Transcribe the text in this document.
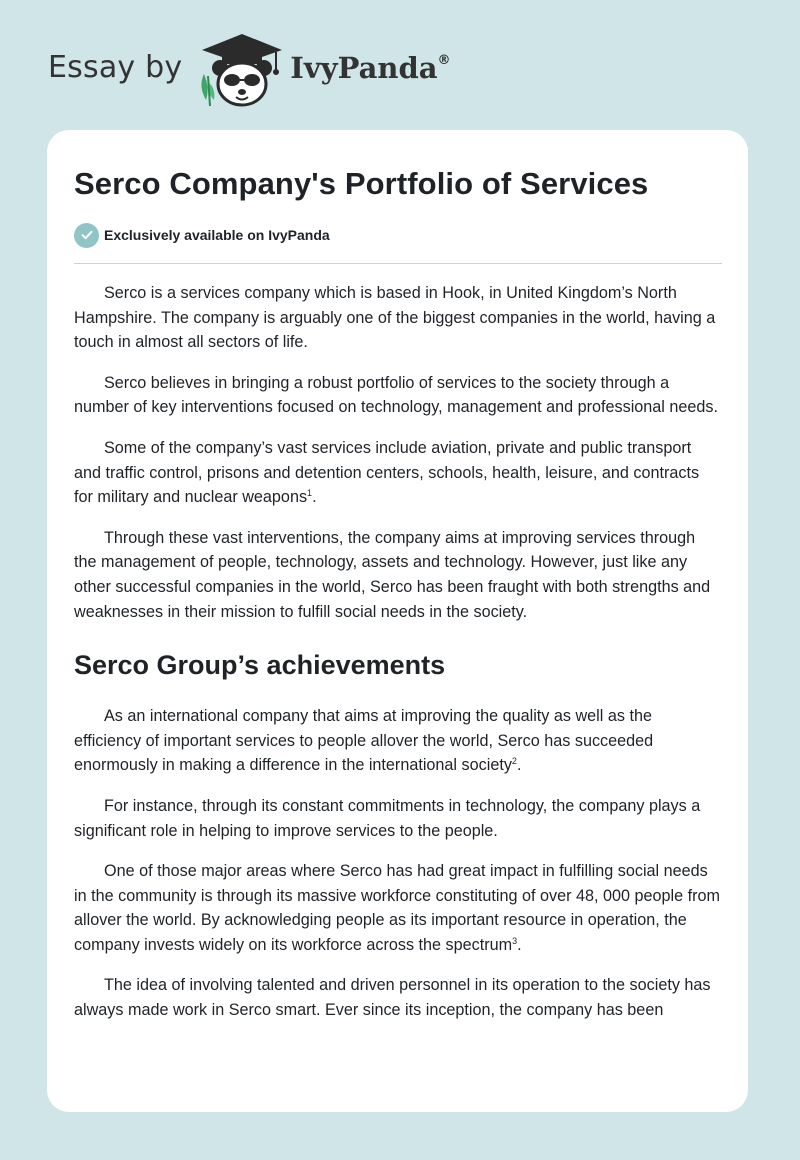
Essay by	IvyPanda®
Serco Company's Portfolio of Services
Exclusively available on IvyPanda

Serco is a services company which is based in Hook, in United Kingdom’s North Hampshire. The company is arguably one of the biggest companies in the world, having a touch in almost all sectors of life.

Serco believes in bringing a robust portfolio of services to the society through a number of key interventions focused on technology, management and professional needs.

Some of the company’s vast services include aviation, private and public transport and traffic control, prisons and detention centers, schools, health, leisure, and contracts for military and nuclear weapons$^1$.

Through these vast interventions, the company aims at improving services through the management of people, technology, assets and technology. However, just like any other successful companies in the world, Serco has been fraught with both strengths and weaknesses in their mission to fulfill social needs in the society.

Serco Group’s achievements

As an international company that aims at improving the quality as well as the efficiency of important services to people allover the world, Serco has succeeded enormously in making a difference in the international society$^2$.

For instance, through its constant commitments in technology, the company plays a significant role in helping to improve services to the people.

One of those major areas where Serco has had great impact in fulfilling social needs in the community is through its massive workforce constituting of over 48, 000 people from allover the world. By acknowledging people as its important resource in operation, the company invests widely on its workforce across the spectrum$^3$.

The idea of involving talented and driven personnel in its operation to the society has always made work in Serco smart. Ever since its inception, the company has been
